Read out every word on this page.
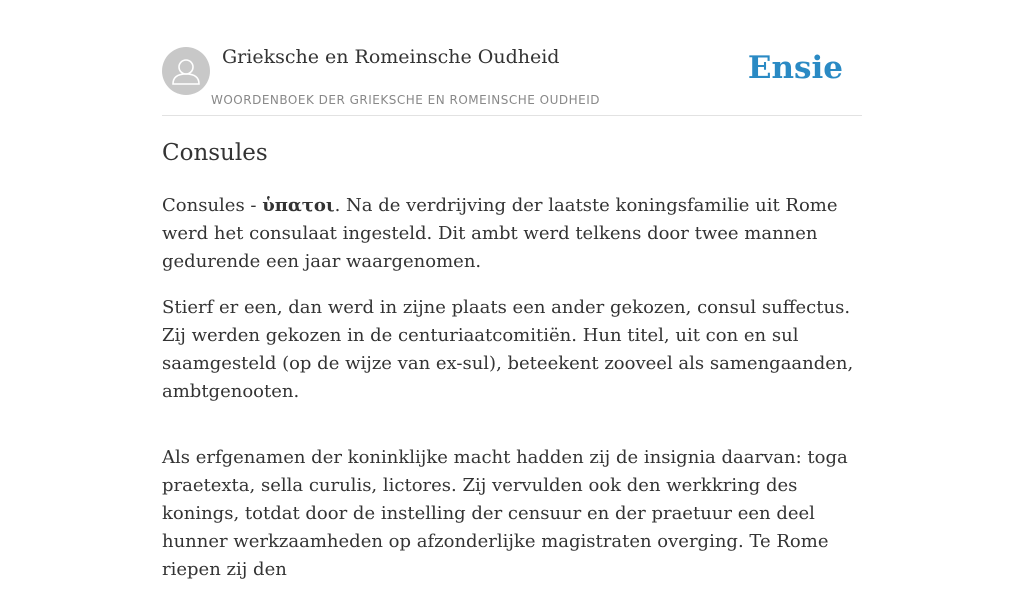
Grieksche en Romeinsche Oudheid
WOORDENBOEK DER GRIEKSCHE EN ROMEINSCHE OUDHEID
Ensie
Consules

Consules - ὑπατοι. Na de verdrijving der laatste koningsfamilie uit Rome werd het consulaat ingesteld. Dit ambt werd telkens door twee mannen gedurende een jaar waargenomen.

Stierf er een, dan werd in zijne plaats een ander gekozen, consul suffectus. Zij werden gekozen in de centuriaatcomitiën. Hun titel, uit con en sul saamgesteld (op de wijze van ex-sul), beteekent zooveel als samengaanden, ambtgenooten.

Als erfgenamen der koninklijke macht hadden zij de insignia daarvan: toga praetexta, sella curulis, lictores. Zij vervulden ook den werkkring des konings, totdat door de instelling der censuur en der praetuur een deel hunner werkzaamheden op afzonderlijke magistraten overging. Te Rome riepen zij den
